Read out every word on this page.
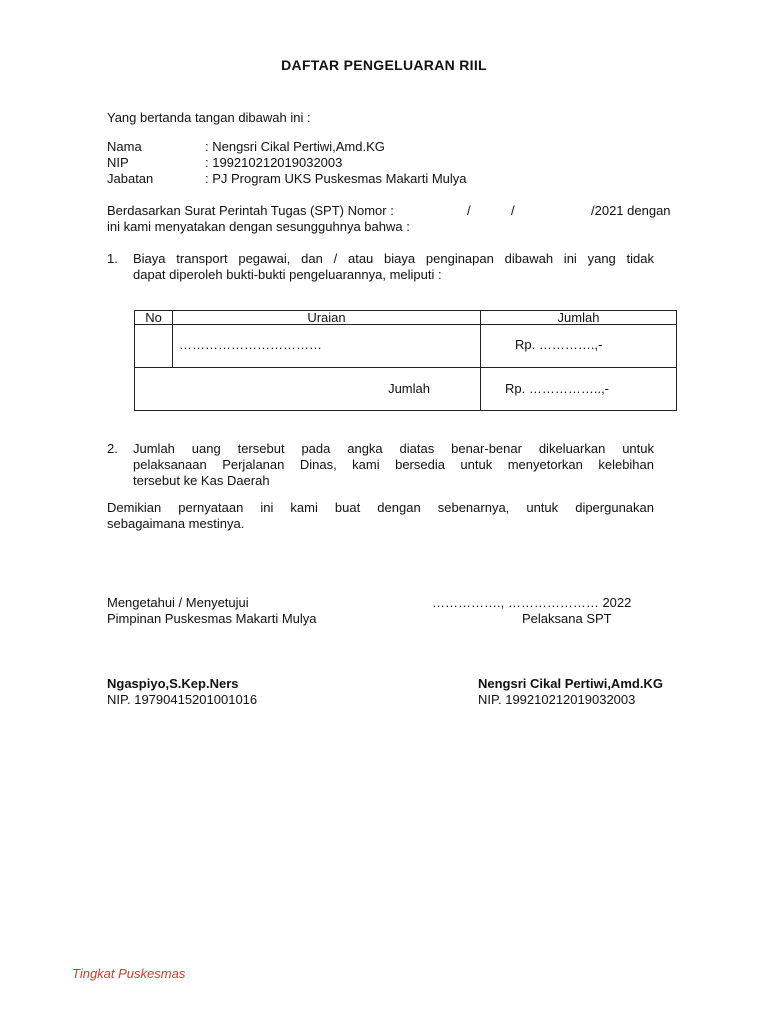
DAFTAR PENGELUARAN RIIL
Yang bertanda tangan dibawah ini :
Nama	: Nengsri Cikal Pertiwi,Amd.KG
NIP	: 199210212019032003
Jabatan	: PJ Program UKS Puskesmas Makarti Mulya
Berdasarkan Surat Perintah Tugas (SPT) Nomor :	/	/	/2021 dengan
ini kami menyatakan dengan sesungguhnya bahwa :
1. Biaya transport pegawai, dan / atau biaya penginapan dibawah ini yang tidak
dapat diperoleh bukti-bukti pengeluarannya, meliputi :
No	Uraian	Jumlah
	……………………………	Rp. ………….,-
Jumlah		Rp. ……………..,-
2. Jumlah uang tersebut pada angka diatas benar-benar dikeluarkan untuk
pelaksanaan Perjalanan Dinas, kami bersedia untuk menyetorkan kelebihan
tersebut ke Kas Daerah
Demikian pernyataan ini kami buat dengan sebenarnya, untuk dipergunakan
sebagaimana mestinya.
Mengetahui / Menyetujui
Pimpinan Puskesmas Makarti Mulya
……………., ………………… 2022
Pelaksana SPT
Ngaspiyo,S.Kep.Ners
NIP. 19790415201001016
Nengsri Cikal Pertiwi,Amd.KG
NIP. 199210212019032003
Tingkat Puskesmas
